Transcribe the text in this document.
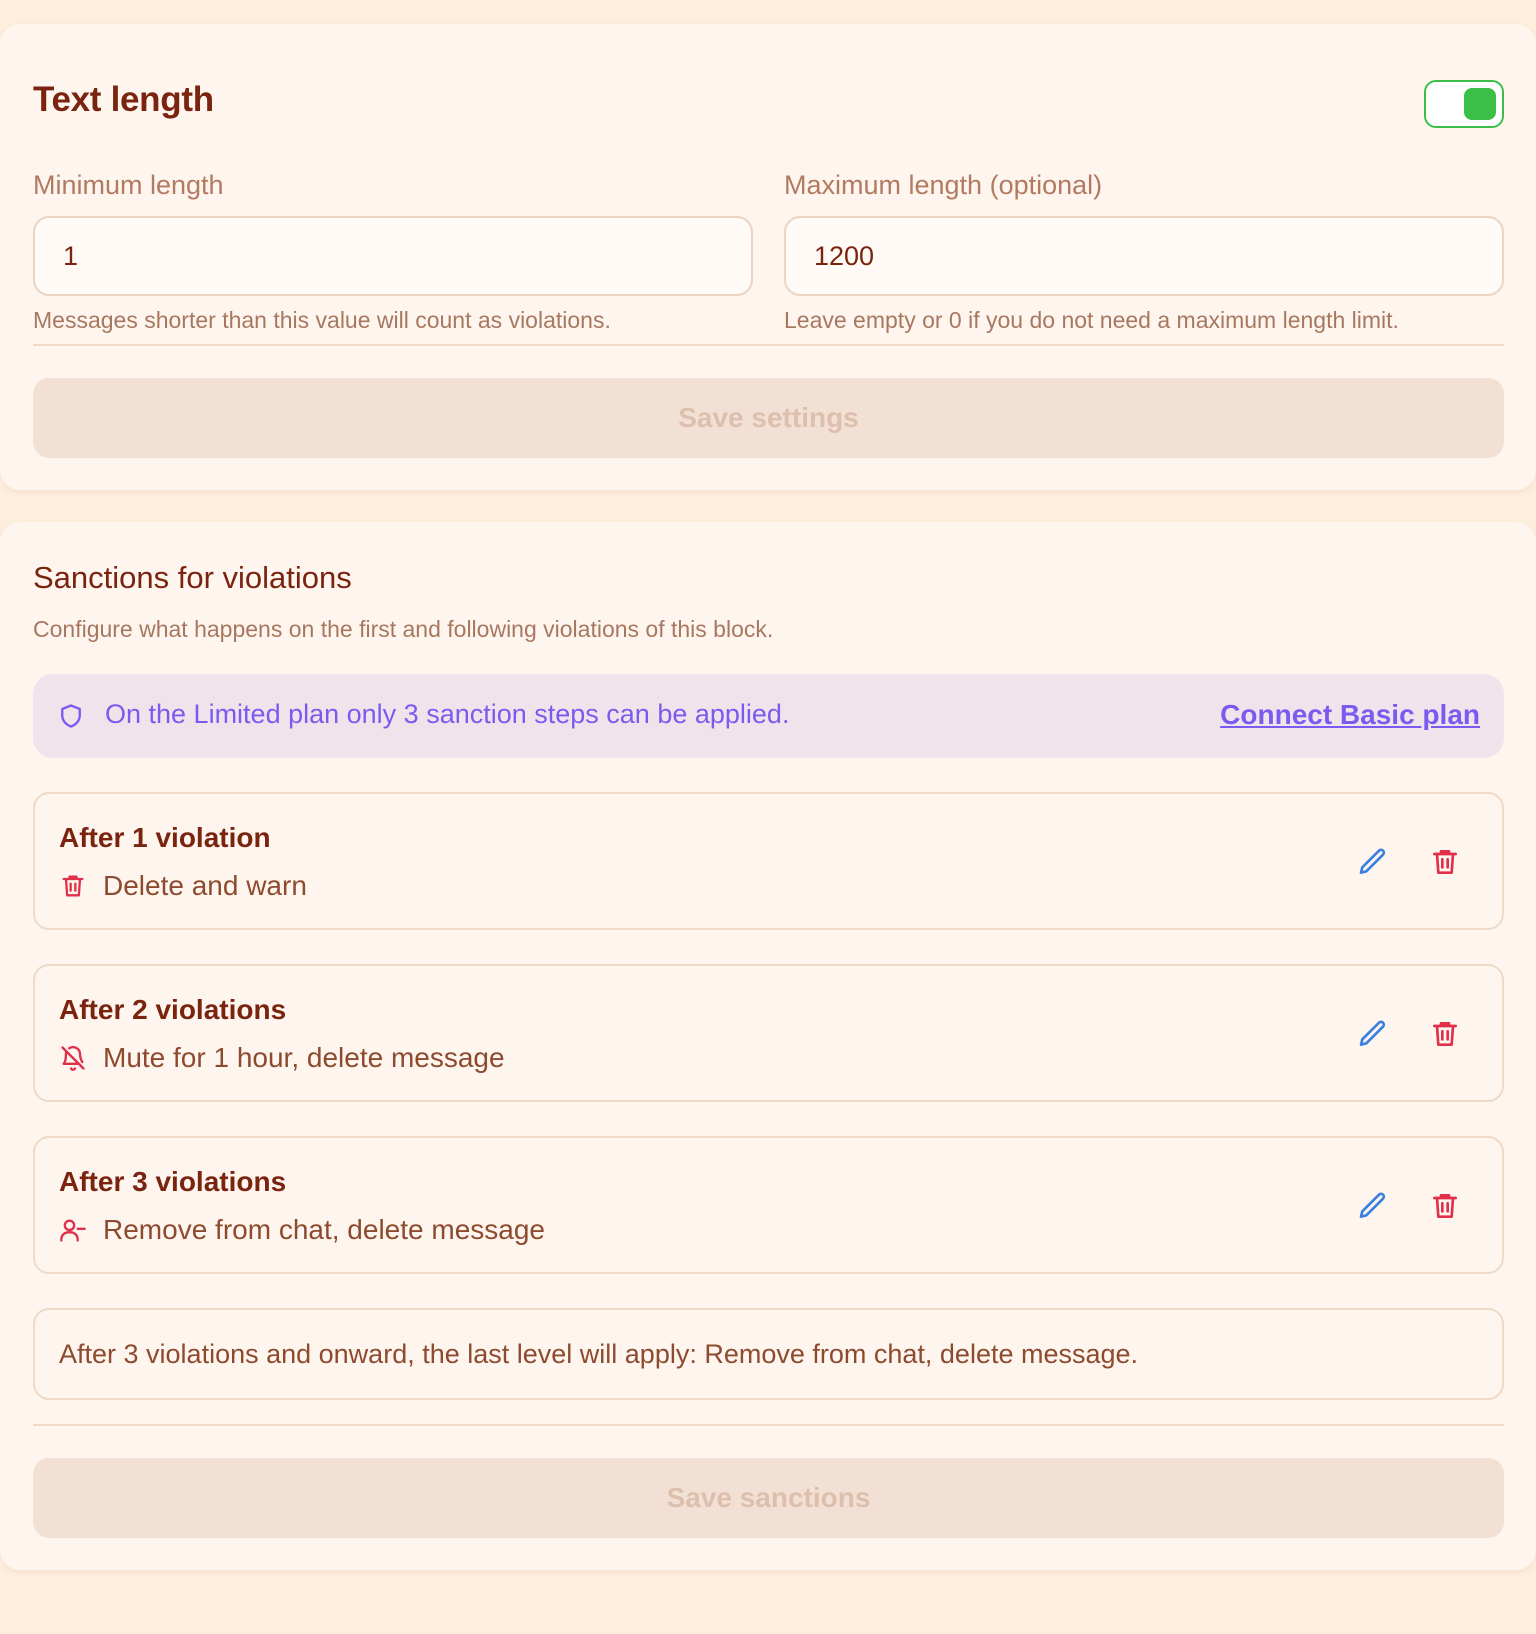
Text length
Minimum length
1
Messages shorter than this value will count as violations.
Maximum length (optional)
1200
Leave empty or 0 if you do not need a maximum length limit.
Save settings
Sanctions for violations

Configure what happens on the first and following violations of this block.

On the Limited plan only 3 sanction steps can be applied.	Connect Basic plan
After 1 violation
Delete and warn
After 2 violations
Mute for 1 hour, delete message
After 3 violations
Remove from chat, delete message
After 3 violations and onward, the last level will apply: Remove from chat, delete message.
Save sanctions
